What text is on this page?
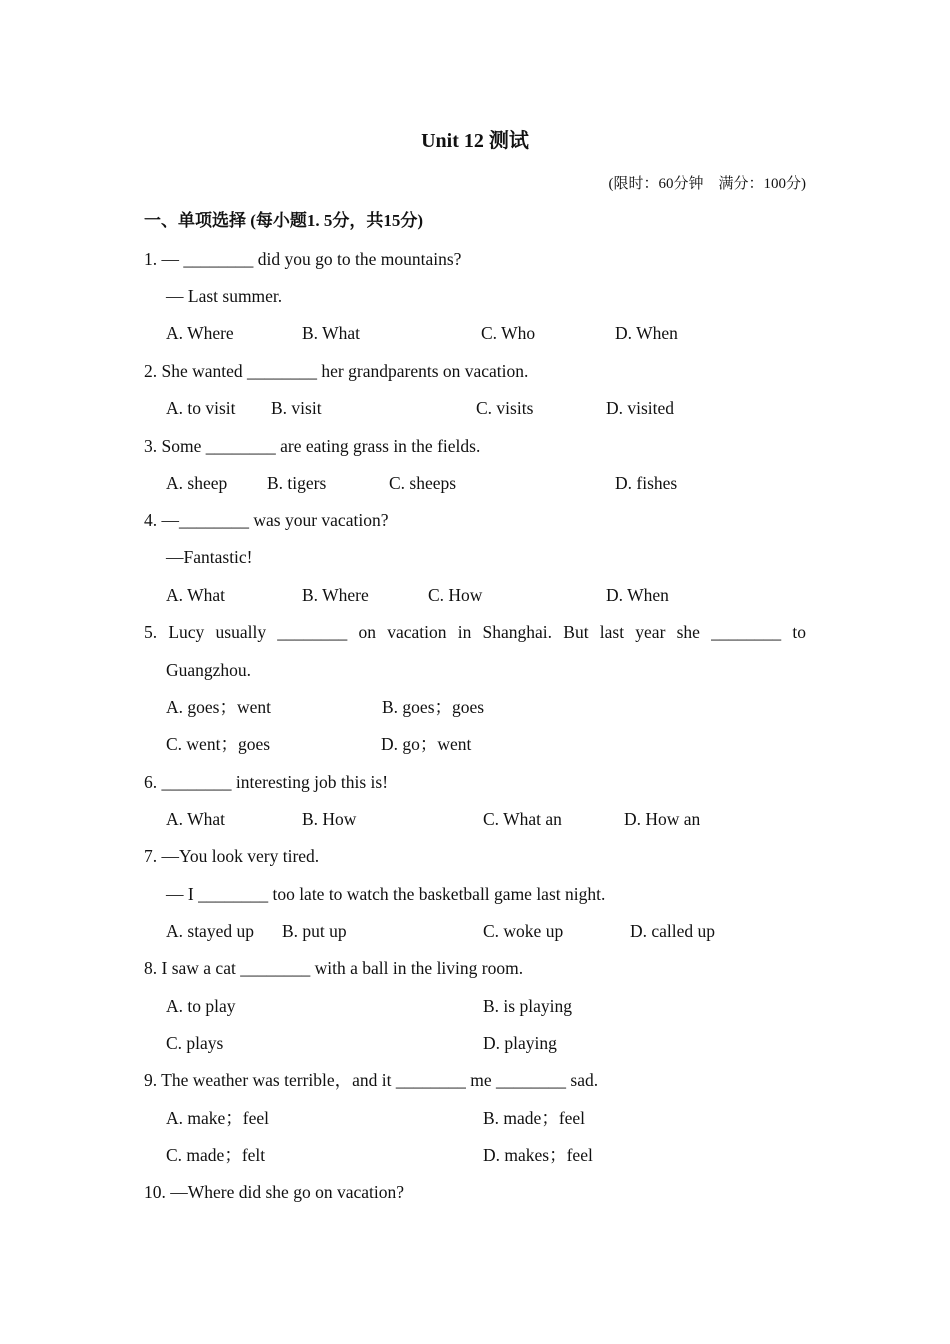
Unit 12 测试
(限时：60分钟　满分：100分)
一、单项选择 (每小题1. 5分，共15分)
1. — ________ did you go to the mountains?
— Last summer.
A. Where	B. What	C. Who	D. When
2. She wanted ________ her grandparents on vacation.
A. to visit B. visit	C. visits	D. visited
3. Some ________ are eating grass in the fields.
A. sheep B. tigers	C. sheeps	D. fishes
4. —________ was your vacation?
—Fantastic!
A. What	B. Where	C. How	D. When
5. Lucy usually ________ on vacation in Shanghai. But last year she ________ to
Guangzhou.
A. goes；went	B. goes；goes
C. went；goes	D. go；went
6. ________ interesting job this is!
A. What	B. How	C. What an	D. How an
7. —You look very tired.
— I ________ too late to watch the basketball game last night.
A. stayed up B. put up	C. woke up	D. called up
8. I saw a cat ________ with a ball in the living room.
A. to play	B. is playing
C. plays	D. playing
9. The weather was terrible，and it ________ me ________ sad.
A. make；feel	B. made；feel
C. made；felt	D. makes；feel
10. —Where did she go on vacation?
